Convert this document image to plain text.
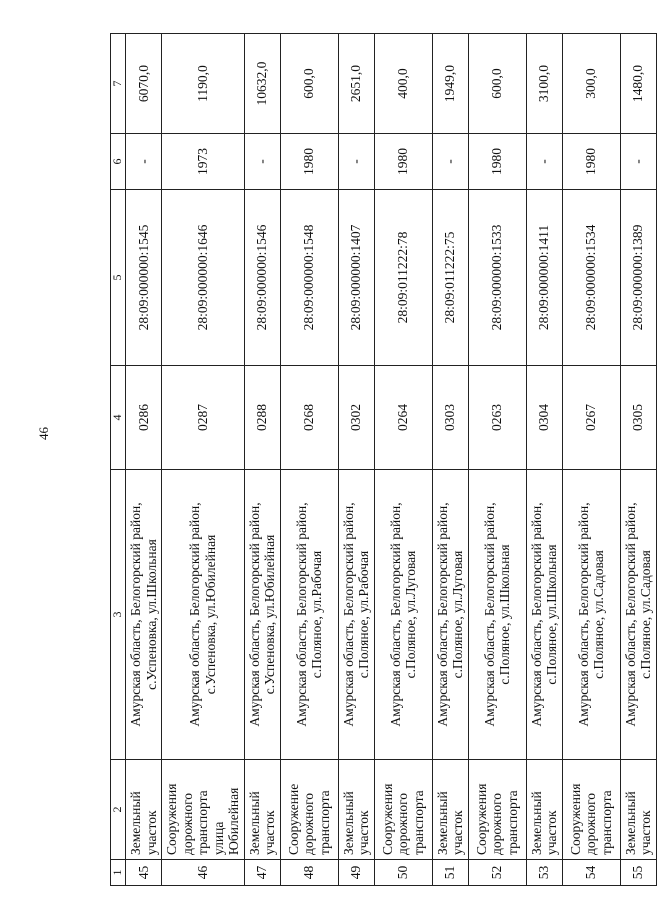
46
1	2	3	4	5	6	7
45	Земельный участок	Амурская область, Белогорский район, с.Успеновка, ул.Школьная	0286	28:09:000000:1545	-	6070,0
46	Сооружения дорожного транспорта улица Юбилейная	Амурская область, Белогорский район, с.Успеновка, ул.Юбилейная	0287	28:09:000000:1646	1973	1190,0
47	Земельный участок	Амурская область, Белогорский район, с.Успеновка, ул.Юбилейная	0288	28:09:000000:1546	-	10632,0
48	Сооружение дорожного транспорта	Амурская область, Белогорский район, с.Поляное, ул.Рабочая	0268	28:09:000000:1548	1980	600,0
49	Земельный участок	Амурская область, Белогорский район, с.Поляное, ул.Рабочая	0302	28:09:000000:1407	-	2651,0
50	Сооружения дорожного транспорта	Амурская область, Белогорский район, с.Поляное, ул.Луговая	0264	28:09:011222:78	1980	400,0
51	Земельный участок	Амурская область, Белогорский район, с.Поляное, ул.Луговая	0303	28:09:011222:75	-	1949,0
52	Сооружения дорожного транспорта	Амурская область, Белогорский район, с.Поляное, ул.Школьная	0263	28:09:000000:1533	1980	600,0
53	Земельный участок	Амурская область, Белогорский район, с.Поляное, ул.Школьная	0304	28:09:000000:1411	-	3100,0
54	Сооружения дорожного транспорта	Амурская область, Белогорский район, с.Поляное, ул.Садовая	0267	28:09:000000:1534	1980	300,0
55	Земельный участок	Амурская область, Белогорский район, с.Поляное, ул.Садовая	0305	28:09:000000:1389	-	1480,0
